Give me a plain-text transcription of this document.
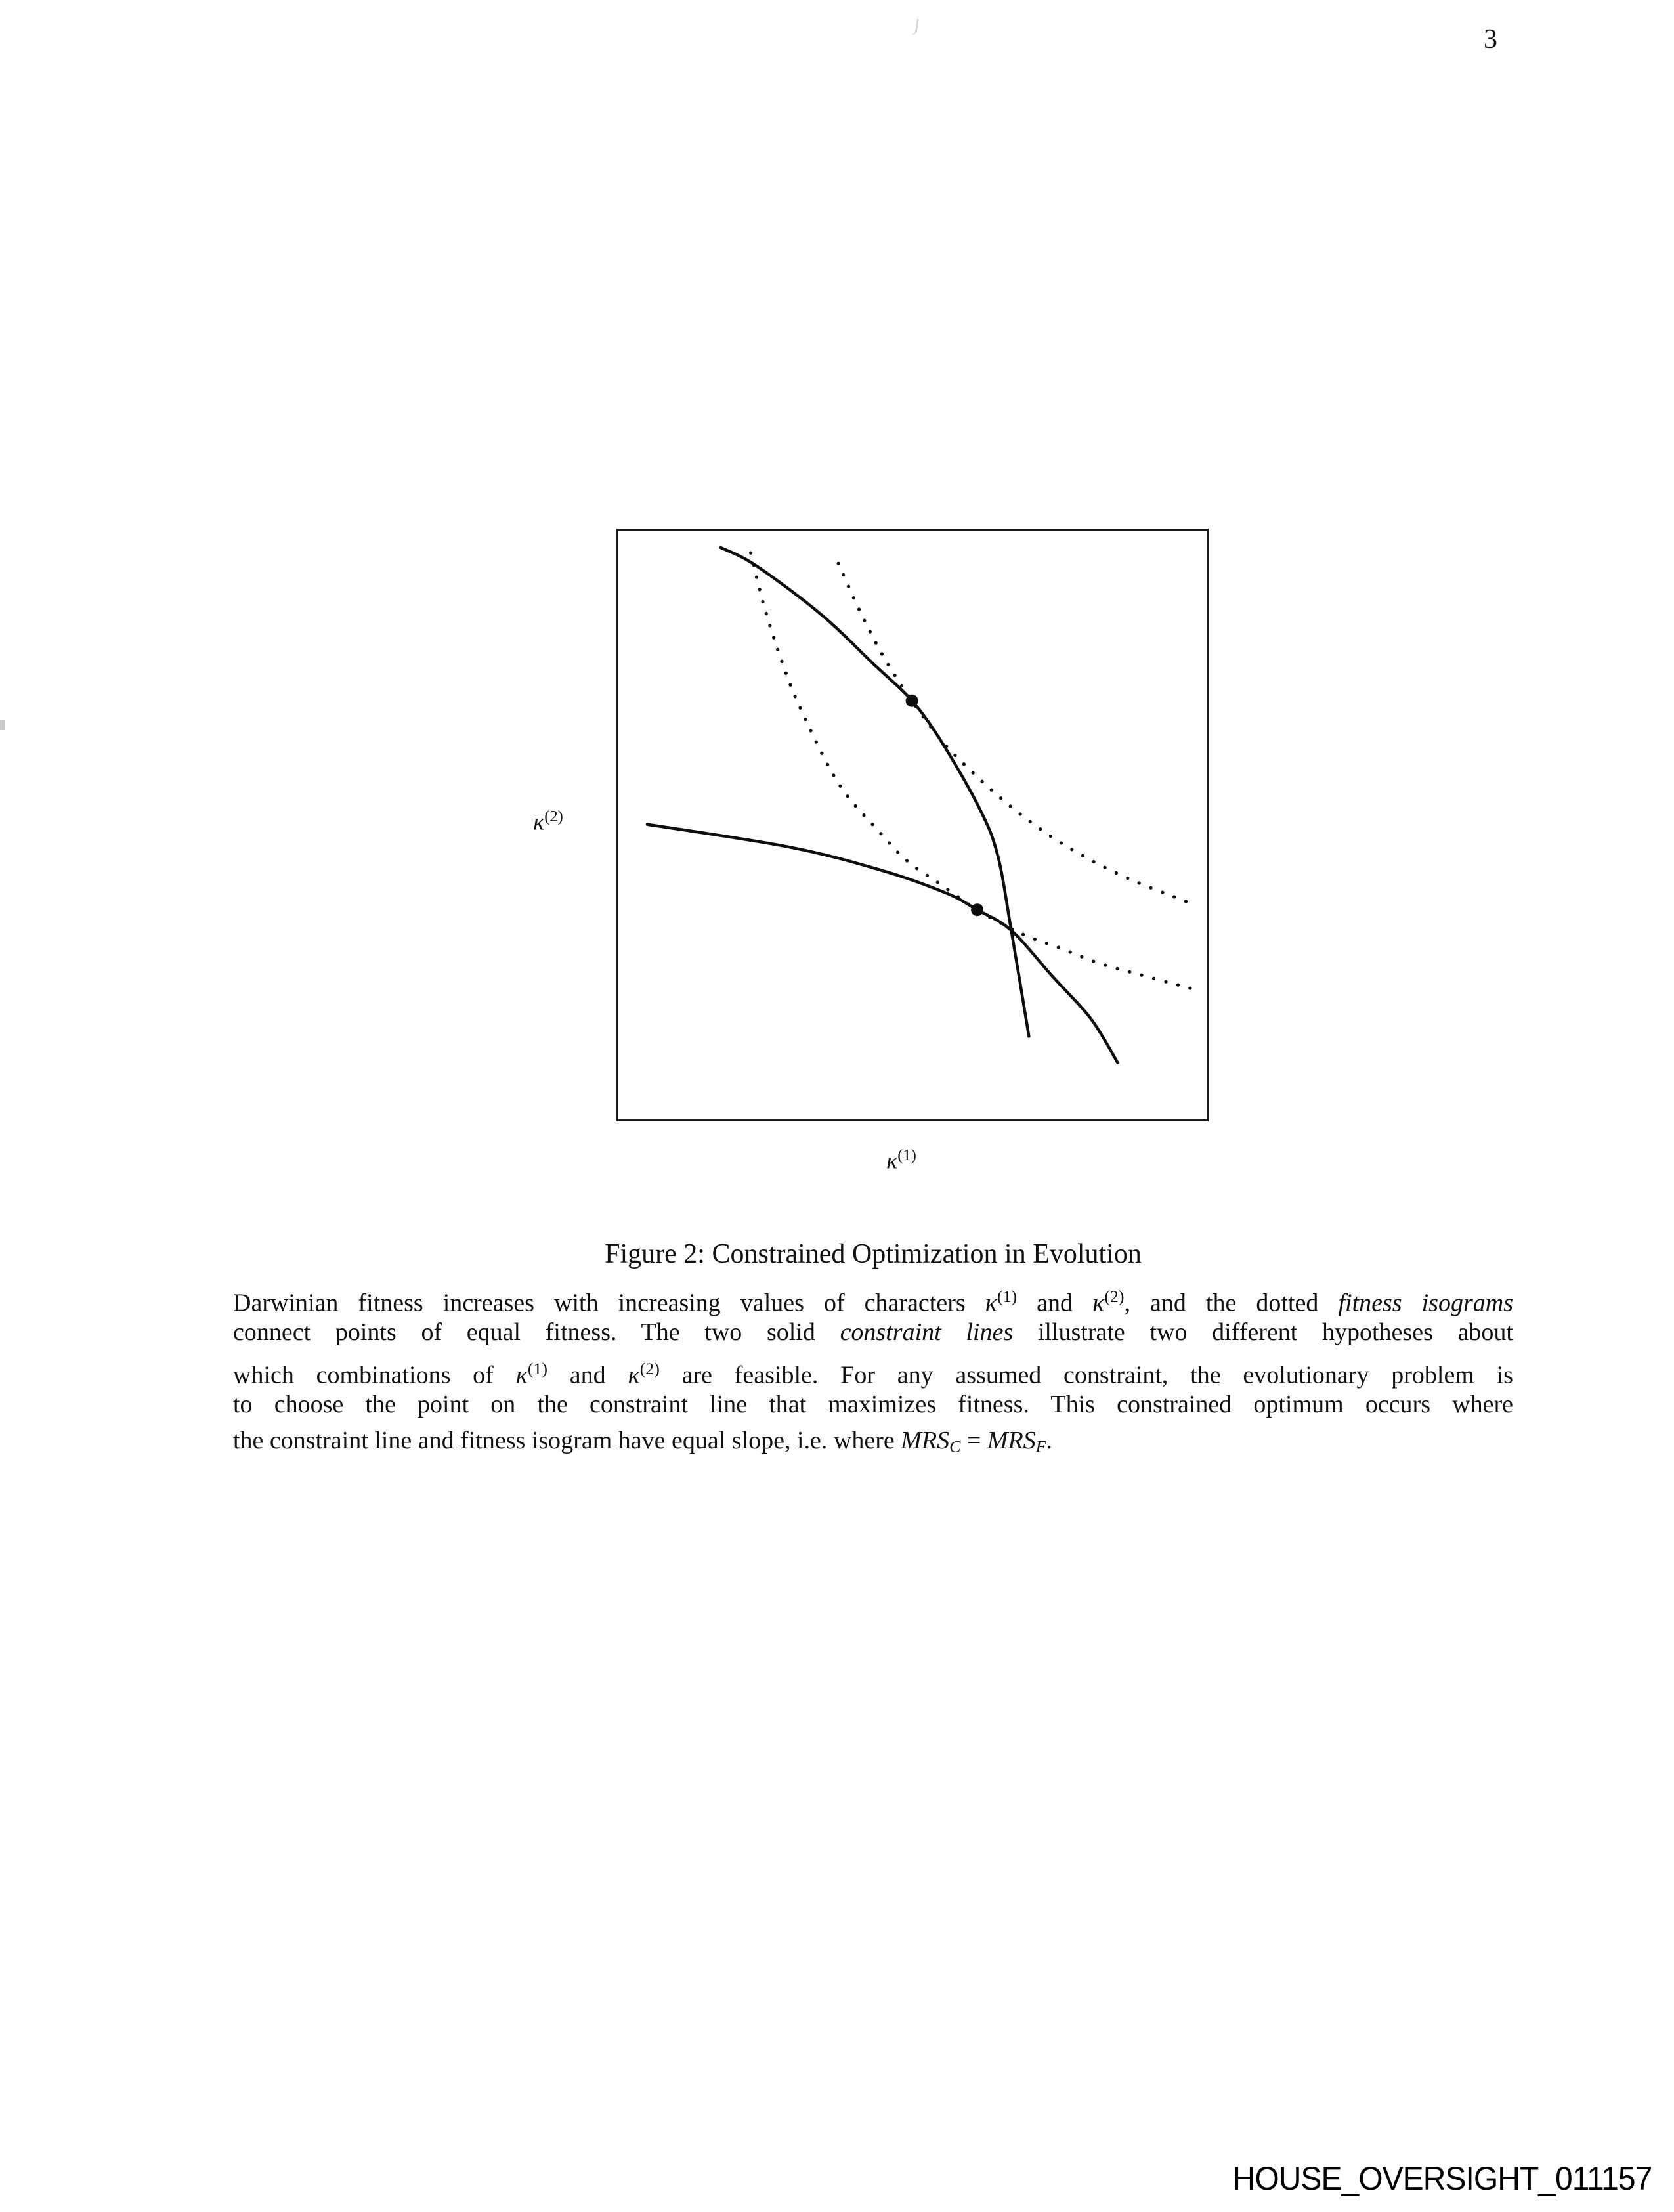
3
$\kappa^{(2)}$
$\kappa^{(1)}$
Figure 2: Constrained Optimization in Evolution
Darwinian fitness increases with increasing values of characters $\kappa^{(1)}$ and $\kappa^{(2)}$, and the dotted fitness isograms
connect points of equal fitness. The two solid constraint lines illustrate two different hypotheses about
which combinations of $\kappa^{(1)}$ and $\kappa^{(2)}$ are feasible. For any assumed constraint, the evolutionary problem is
to choose the point on the constraint line that maximizes fitness. This constrained optimum occurs where
the constraint line and fitness isogram have equal slope, i.e. where $MRS_C = MRS_F$.
HOUSE_OVERSIGHT_011157
